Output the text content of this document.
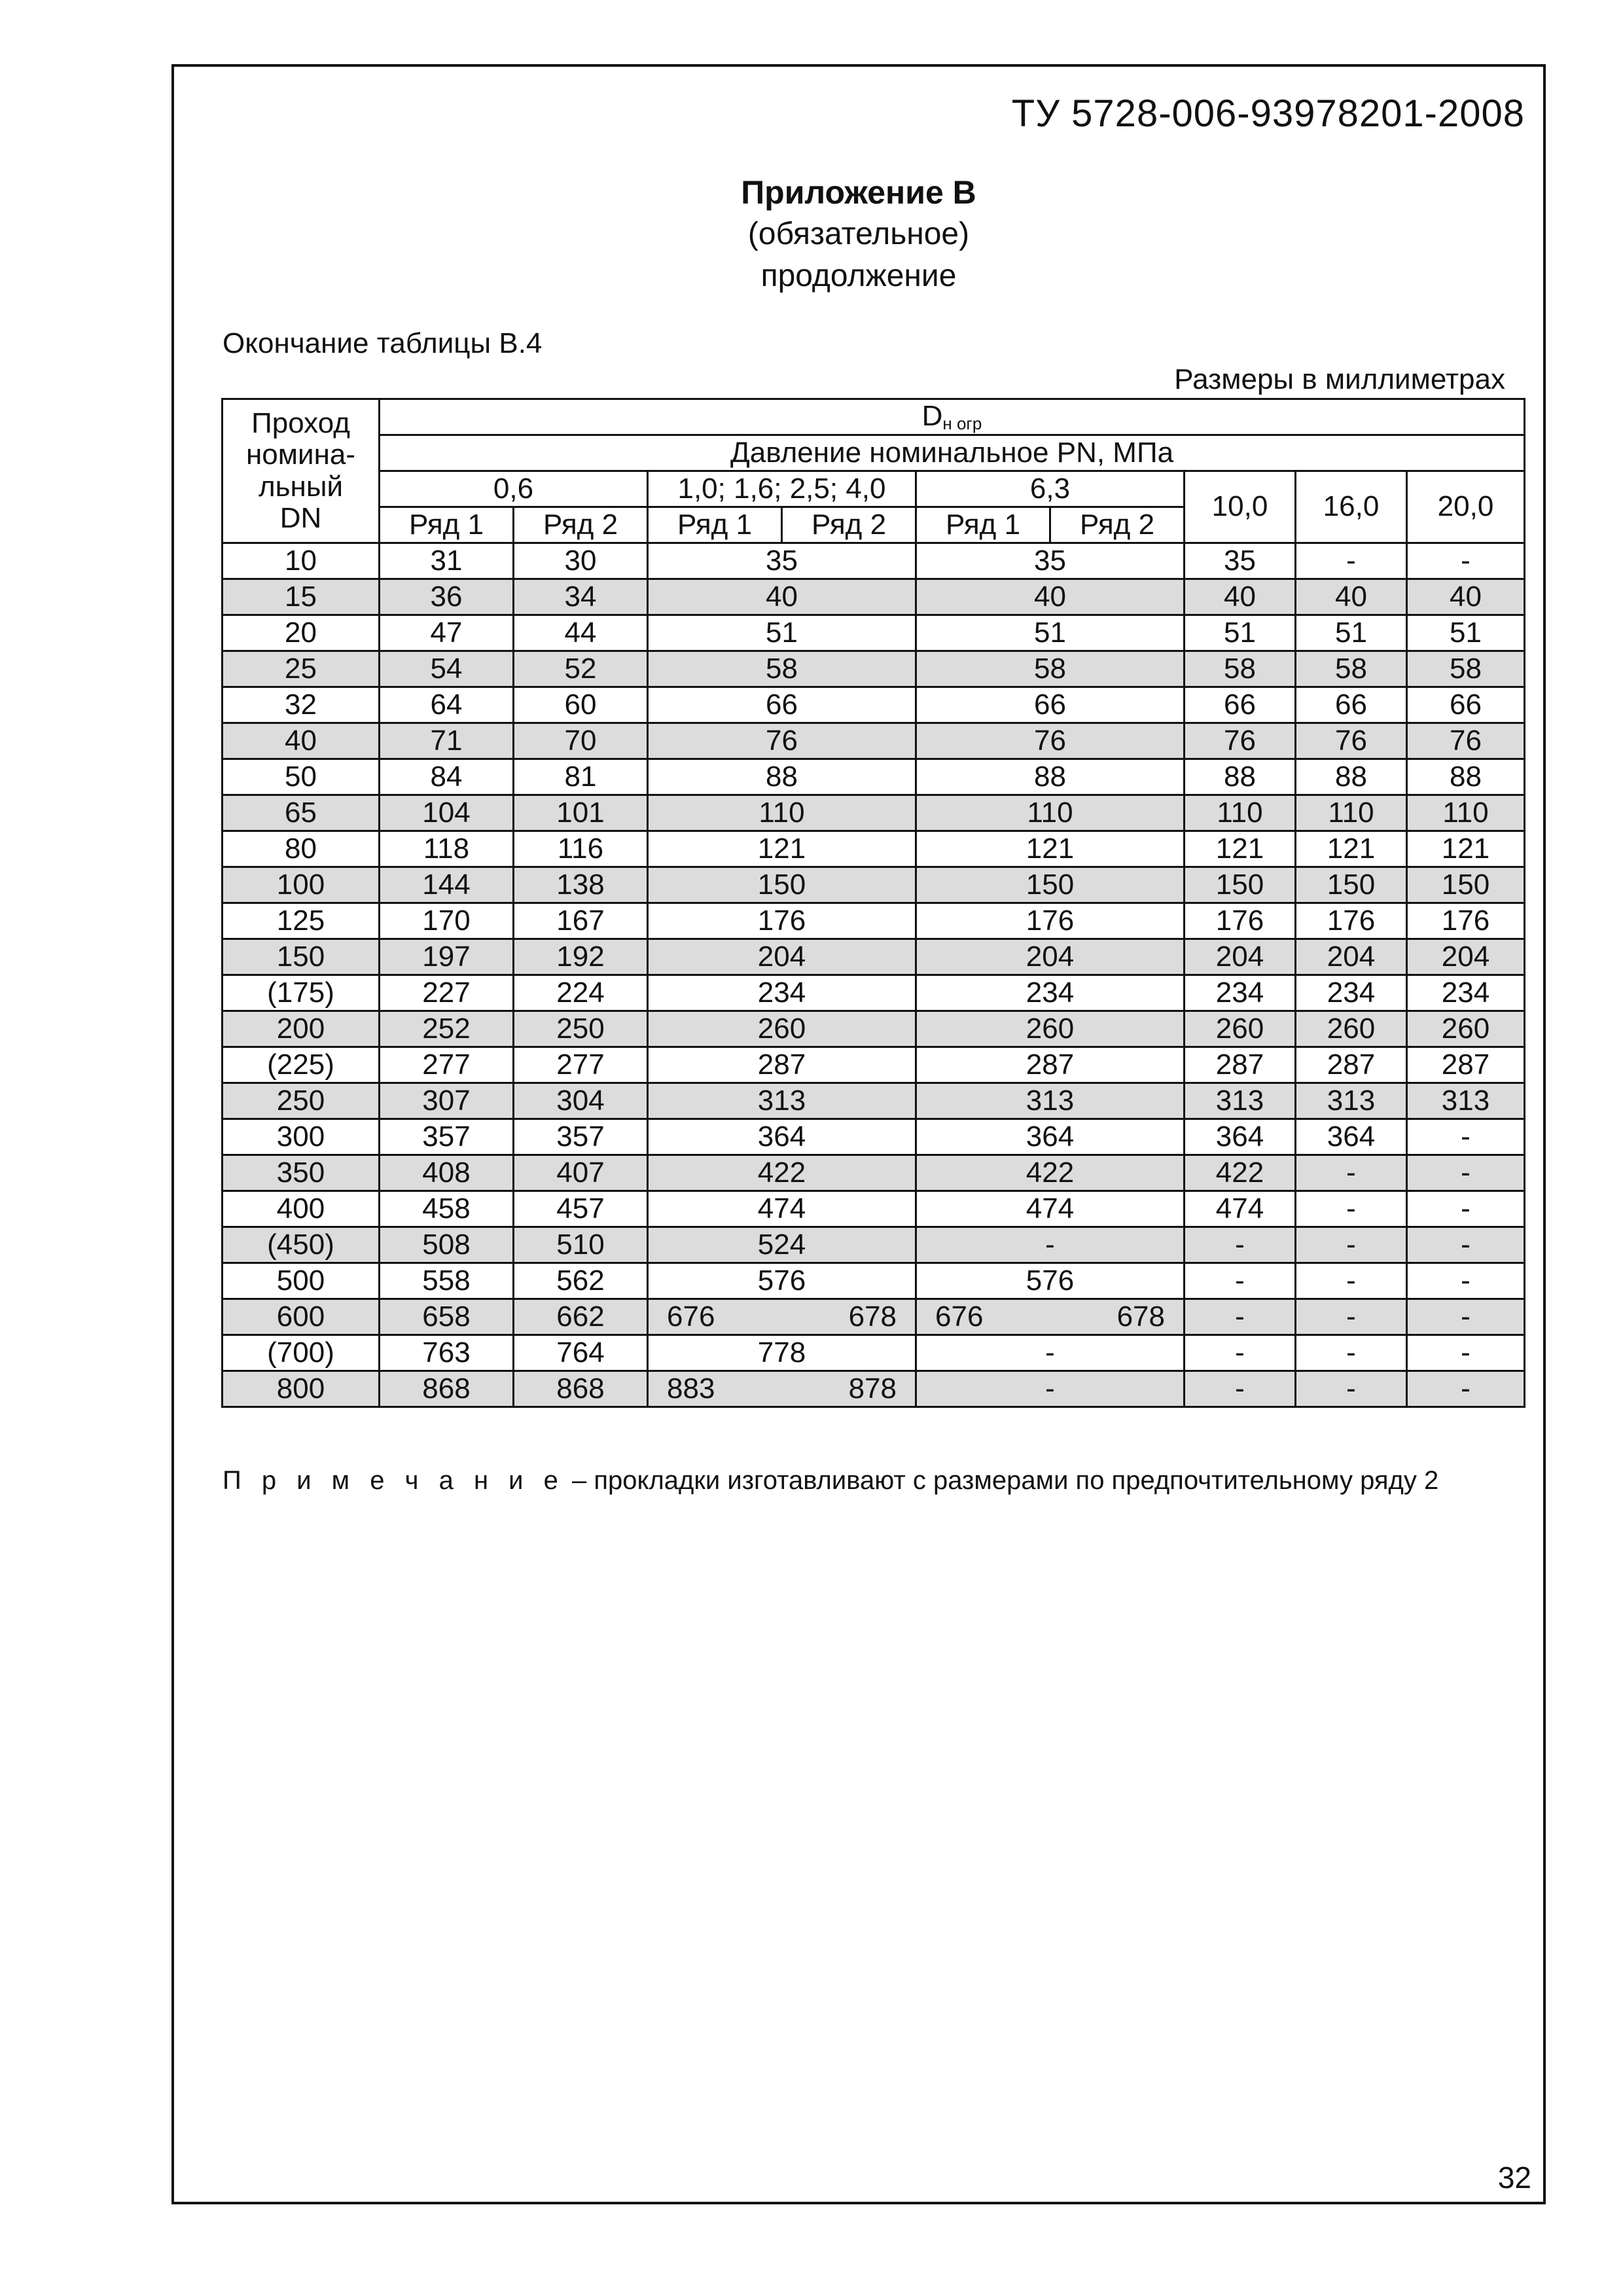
ТУ 5728-006-93978201-2008
Приложение В
(обязательное)
продолжение
Окончание таблицы В.4
Размеры в миллиметрах
Проход
номина-
льный
DN	$D_{н огр}$
	Давление номинальное PN, МПа								
	0,6		1,0; 1,6; 2,5; 4,0		6,3		10,0	16,0	20,0
	Ряд 1	Ряд 2	Ряд 1	Ряд 2	Ряд 1	Ряд 2			
10	31	30	35		35		35	-	-
15	36	34	40		40		40	40	40
20	47	44	51		51		51	51	51
25	54	52	58		58		58	58	58
32	64	60	66		66		66	66	66
40	71	70	76		76		76	76	76
50	84	81	88		88		88	88	88
65	104	101	110		110		110	110	110
80	118	116	121		121		121	121	121
100	144	138	150		150		150	150	150
125	170	167	176		176		176	176	176
150	197	192	204		204		204	204	204
(175)	227	224	234		234		234	234	234
200	252	250	260		260		260	260	260
(225)	277	277	287		287		287	287	287
250	307	304	313		313		313	313	313
300	357	357	364		364		364	364	-
350	408	407	422		422		422	-	-
400	458	457	474		474		474	-	-
(450)	508	510	524		-		-	-	-
500	558	562	576		576		-	-	-
600	658	662	676 678		676 678		-	-	-
(700)	763	764	778		-		-	-	-
800	868	868	883 878		-		-	-	-
П р и м е ч а н и е – прокладки изготавливают с размерами по предпочтительному ряду 2
32
